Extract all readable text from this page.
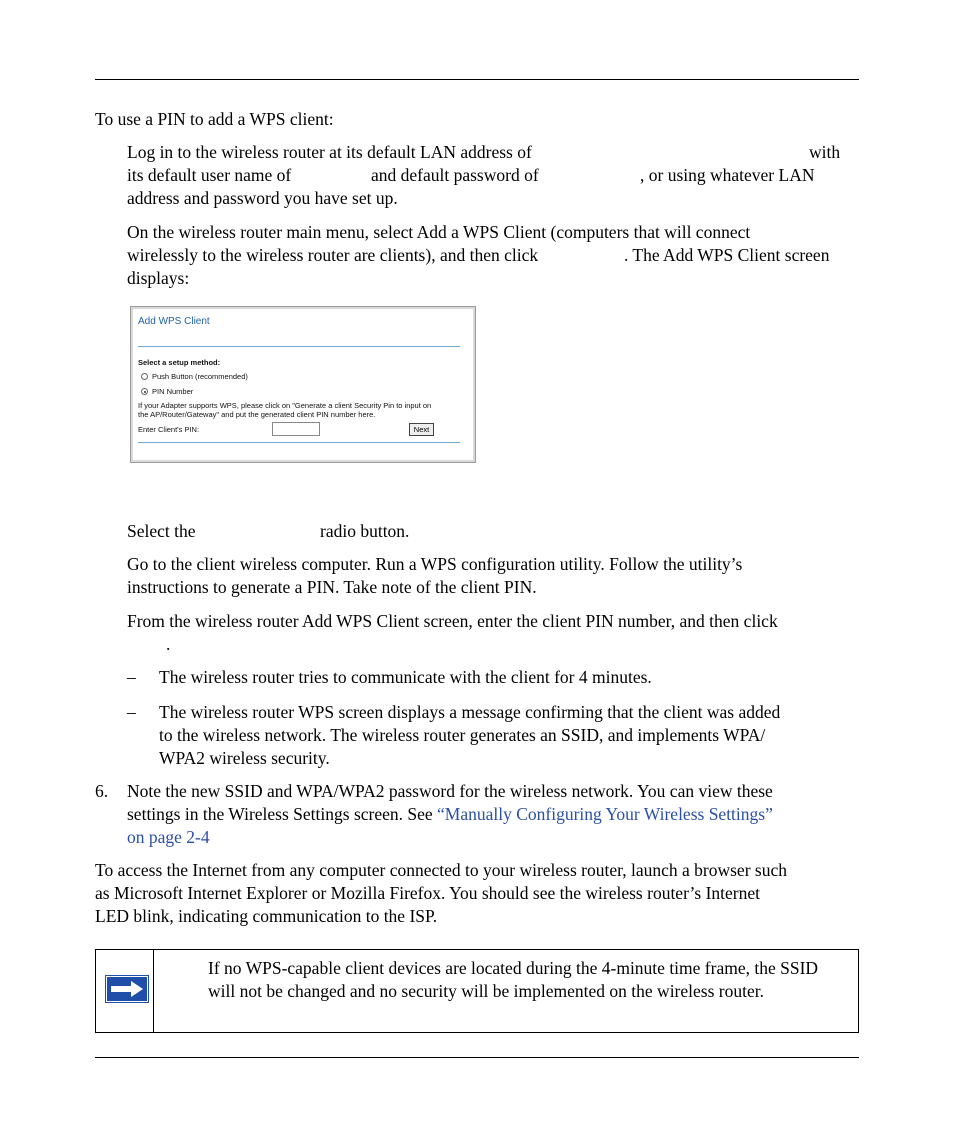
To use a PIN to add a WPS client:

Log in to the wireless router at its default LAN address of	with

its default user name of	and default password of	, or using whatever LAN

address and password you have set up.

On the wireless router main menu, select Add a WPS Client (computers that will connect

wirelessly to the wireless router are clients), and then click	. The Add WPS Client screen

displays:

Add WPS Client
Select a setup method:
Push Button (recommended)
PIN Number
If your Adapter supports WPS, please click on "Generate a client Security Pin to input on
the AP/Router/Gateway" and put the generated client PIN number here.
Enter Client's PIN:	Next

Select the	radio button.

Go to the client wireless computer. Run a WPS configuration utility. Follow the utility’s

instructions to generate a PIN. Take note of the client PIN.

From the wireless router Add WPS Client screen, enter the client PIN number, and then click

.

– The wireless router tries to communicate with the client for 4 minutes.

– The wireless router WPS screen displays a message confirming that the client was added

to the wireless network. The wireless router generates an SSID, and implements WPA/

WPA2 wireless security.

6. Note the new SSID and WPA/WPA2 password for the wireless network. You can view these

settings in the Wireless Settings screen. See “Manually Configuring Your Wireless Settings”

on page 2-4

To access the Internet from any computer connected to your wireless router, launch a browser such

as Microsoft Internet Explorer or Mozilla Firefox. You should see the wireless router’s Internet

LED blink, indicating communication to the ISP.

If no WPS-capable client devices are located during the 4-minute time frame, the SSID will not be changed and no security will be implemented on the wireless router.
